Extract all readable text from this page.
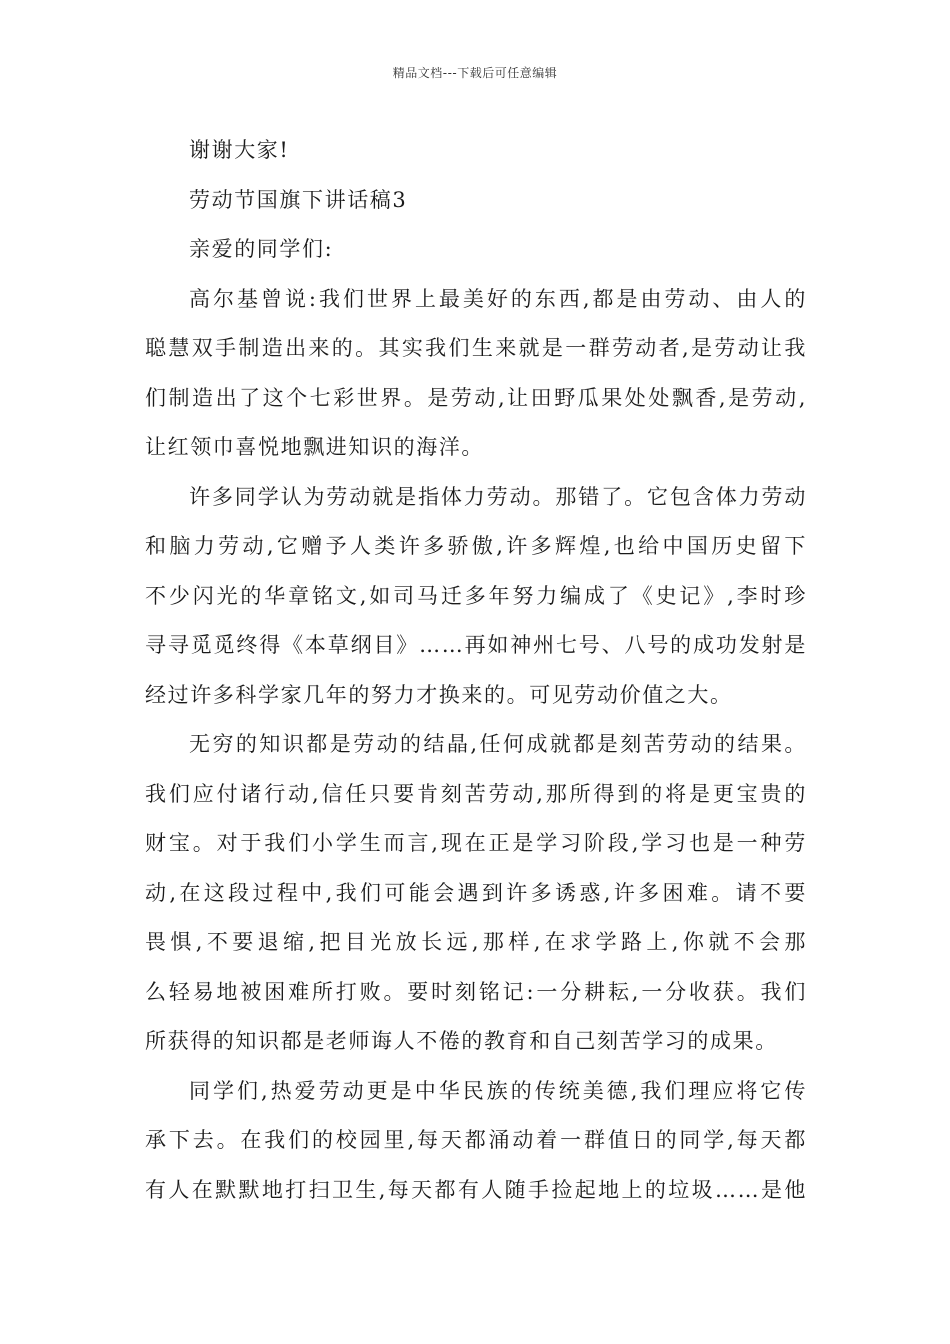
精品文档---下载后可任意编辑
谢谢大家!
劳动节国旗下讲话稿3
亲爱的同学们:
高尔基曾说:我们世界上最美好的东西,都是由劳动、由人的
聪慧双手制造出来的。其实我们生来就是一群劳动者,是劳动让我
们制造出了这个七彩世界。是劳动,让田野瓜果处处飘香,是劳动,
让红领巾喜悦地飘进知识的海洋。
许多同学认为劳动就是指体力劳动。那错了。它包含体力劳动
和脑力劳动,它赠予人类许多骄傲,许多辉煌,也给中国历史留下
不少闪光的华章铭文,如司马迁多年努力编成了《史记》,李时珍
寻寻觅觅终得《本草纲目》……再如神州七号、八号的成功发射是
经过许多科学家几年的努力才换来的。可见劳动价值之大。
无穷的知识都是劳动的结晶,任何成就都是刻苦劳动的结果。
我们应付诸行动,信任只要肯刻苦劳动,那所得到的将是更宝贵的
财宝。对于我们小学生而言,现在正是学习阶段,学习也是一种劳
动,在这段过程中,我们可能会遇到许多诱惑,许多困难。请不要
畏惧,不要退缩,把目光放长远,那样,在求学路上,你就不会那
么轻易地被困难所打败。要时刻铭记:一分耕耘,一分收获。我们
所获得的知识都是老师诲人不倦的教育和自己刻苦学习的成果。
同学们,热爱劳动更是中华民族的传统美德,我们理应将它传
承下去。在我们的校园里,每天都涌动着一群值日的同学,每天都
有人在默默地打扫卫生,每天都有人随手捡起地上的垃圾……是他
